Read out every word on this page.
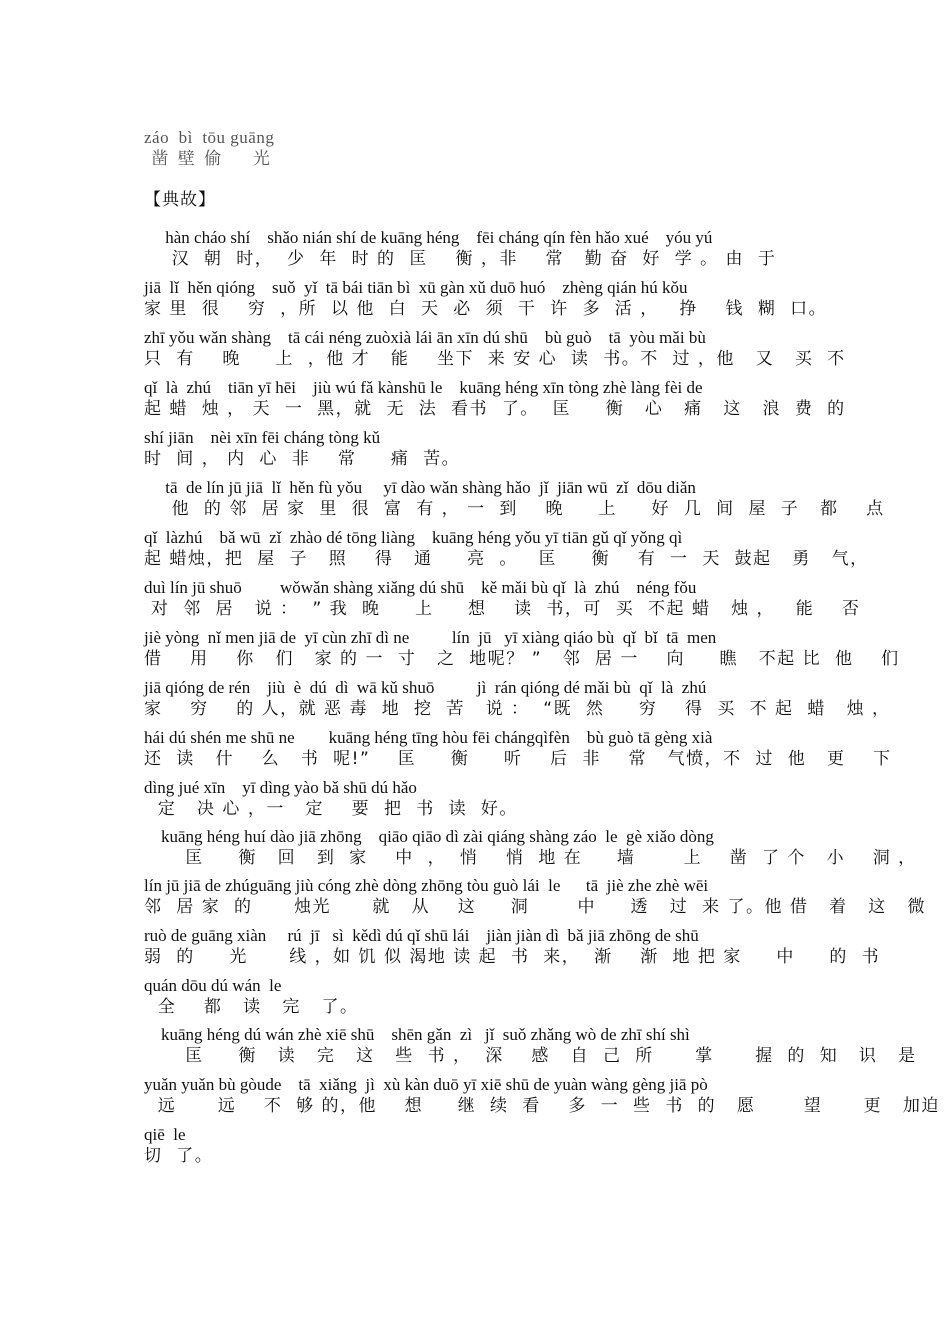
záo  bì  tōu guāng
凿 壁 偷    光
【典故】
hàn cháo shí    shǎo nián shí de kuāng héng    fēi cháng qín fèn hǎo xué    yóu yú
汉  朝  时，  少  年  时 的  匡    衡 ，非    常   勤 奋  好  学 。 由  于
jiā  lǐ  hěn qióng    suǒ  yǐ  tā bái tiān bì  xū gàn xǔ duō huó    zhèng qián hú kǒu
家 里  很    穷  ，所  以 他  白  天  必  须  干  许  多  活 ，   挣    钱  糊  口。
zhī yǒu wǎn shàng    tā cái néng zuòxià lái ān xīn dú shū    bù guò    tā  yòu mǎi bù
只  有    晚     上  ，他 才   能    坐下  来 安 心  读  书。不  过 ，他   又   买  不
qǐ  là  zhú    tiān yī hēi    jiù wú fǎ kànshū le    kuāng héng xīn tòng zhè làng fèi de
起 蜡  烛 ， 天  一  黑，就  无  法  看书  了。  匡     衡   心   痛   这   浪  费  的
shí jiān    nèi xīn fēi cháng tòng kǔ
时  间 ， 内  心  非    常     痛  苦。
tā  de lín jū jiā  lǐ  hěn fù yǒu     yī dào wǎn shàng hǎo  jǐ  jiān wū  zǐ  dōu diǎn
他  的 邻  居 家  里  很  富  有 ， 一  到    晚     上     好  几  间  屋  子   都    点
qǐ  làzhú    bǎ wū  zǐ  zhào dé tōng liàng    kuāng héng yǒu yī tiān gǔ qǐ yǒng qì
起 蜡烛，把  屋  子   照    得   通     亮  。   匡     衡    有  一  天  鼓起   勇   气，
duì lín jū shuō         wǒwǎn shàng xiǎng dú shū    kě mǎi bù qǐ  là  zhú    néng fǒu
对  邻  居   说 ：  ” 我  晚     上     想    读  书，可  买  不起 蜡   烛 ，   能    否
jiè yòng  nǐ men jiā de  yī cùn zhī dì ne          lín  jū   yī xiàng qiáo bù  qǐ  bǐ  tā  men
借    用    你   们   家 的 一  寸   之  地呢？ ”   邻  居 一    向     瞧   不起 比  他    们
jiā qióng de rén    jiù  è  dú  dì  wā kǔ shuō          jì  rán qióng dé mǎi bù  qǐ  là  zhú
家    穷    的 人，就 恶 毒  地  挖  苦   说 ：  “既  然     穷    得  买  不 起  蜡   烛 ，
hái dú shén me shū ne        kuāng héng tīng hòu fēi chángqìfèn    bù guò tā gèng xià
还  读   什    么   书  呢!”    匡     衡     听    后  非    常   气愤，不  过  他   更    下
dìng jué xīn    yī dìng yào bǎ shū dú hǎo
定   决 心 ，一   定    要  把  书  读  好。
kuāng héng huí dào jiā zhōng    qiāo qiāo dì zài qiáng shàng záo  le  gè xiǎo dòng
匡     衡   回   到  家    中  ，  悄    悄  地 在     墙       上    凿  了 个   小    洞 ，
lín jū jiā de zhúguāng jiù cóng zhè dòng zhōng tòu guò lái  le      tā  jiè zhe zhè wēi
邻  居 家  的      烛光      就   从    这     洞       中     透   过  来 了。他 借   着   这   微
ruò de guāng xiàn     rú  jī   sì  kědì dú qǐ shū lái    jiàn jiàn dì  bǎ jiā zhōng de shū
弱  的     光      线 ，如 饥 似 渴地 读 起  书  来，  渐    渐  地 把 家     中     的  书
quán dōu dú wán  le
全    都   读   完   了。
kuāng héng dú wán zhè xiē shū    shēn gǎn  zì   jǐ  suǒ zhǎng wò de zhī shí shì
匡     衡   读   完   这   些  书 ，  深    感   自  己  所      掌      握  的  知   识   是
yuǎn yuǎn bù gòude    tā  xiǎng  jì  xù kàn duō yī xiē shū de yuàn wàng gèng jiā pò
远      远    不  够 的，他    想     继  续  看    多  一  些  书  的   愿       望      更   加迫
qiē  le
切  了。
